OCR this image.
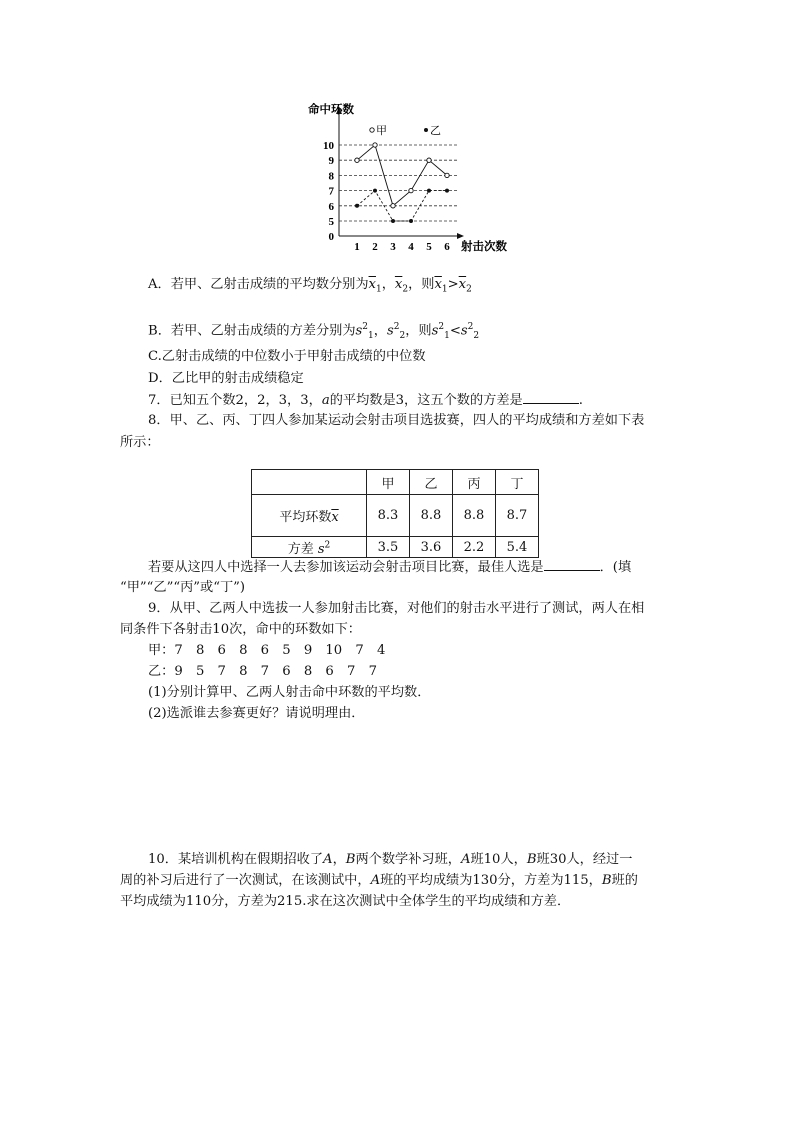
0
5
6
7
8
9
10
1 2 3 4 5 6
命中环数
射击次数
甲	乙
A．若甲、乙射击成绩的平均数分别为$\overline{x}_1$，$\overline{x}_2$，则$\overline{x}_1>\overline{x}_2$
B．若甲、乙射击成绩的方差分别为$s^2_1$，$s^2_2$，则$s^2_1<s^2_2$
C.乙射击成绩的中位数小于甲射击成绩的中位数
D．乙比甲的射击成绩稳定
7．已知五个数2，2，3，3，a的平均数是3，这五个数的方差是	.
8．甲、乙、丙、丁四人参加某运动会射击项目选拔赛，四人的平均成绩和方差如下表
所示：
	甲	乙	丙	丁
平均环数$\overline{x}$	8.3	8.8	8.8	8.7
方差 $s^2$	3.5	3.6	2.2	5.4
若要从这四人中选择一人去参加该运动会射击项目比赛，最佳人选是	．(填
“甲”“乙”“丙”或“丁”)
9．从甲、乙两人中选拔一人参加射击比赛，对他们的射击水平进行了测试，两人在相
同条件下各射击10次，命中的环数如下：
甲：7　8　6　8　6　5　9　10　7　4
乙：9　5　7　8　7　6　8　6　7　7
(1)分别计算甲、乙两人射击命中环数的平均数．
(2)选派谁去参赛更好？请说明理由．
10．某培训机构在假期招收了A，B两个数学补习班，A班10人，B班30人，经过一
周的补习后进行了一次测试，在该测试中，A班的平均成绩为130分，方差为115，B班的
平均成绩为110分，方差为215.求在这次测试中全体学生的平均成绩和方差．
